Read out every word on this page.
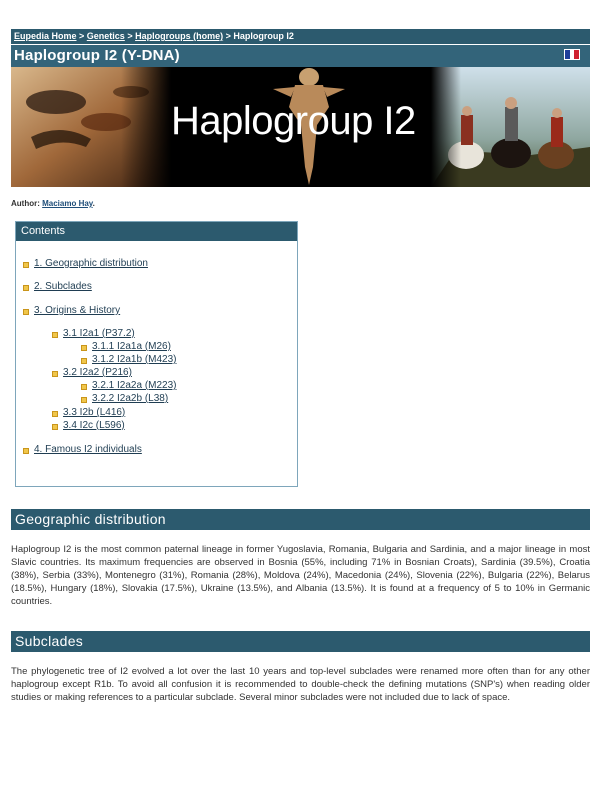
Eupedia Home > Genetics > Haplogroups (home) > Haplogroup I2
Haplogroup I2 (Y-DNA)
Haplogroup I2
Author: Maciamo Hay.
Contents
1. Geographic distribution
2. Subclades
3. Origins & History
3.1 I2a1 (P37.2)
3.1.1 I2a1a (M26)
3.1.2 I2a1b (M423)
3.2 I2a2 (P216)
3.2.1 I2a2a (M223)
3.2.2 I2a2b (L38)
3.3 I2b (L416)
3.4 I2c (L596)
4. Famous I2 individuals
Geographic distribution

Haplogroup I2 is the most common paternal lineage in former Yugoslavia, Romania, Bulgaria and Sardinia, and a major lineage in most Slavic countries. Its maximum frequencies are observed in Bosnia (55%, including 71% in Bosnian Croats), Sardinia (39.5%), Croatia (38%), Serbia (33%), Montenegro (31%), Romania (28%), Moldova (24%), Macedonia (24%), Slovenia (22%), Bulgaria (22%), Belarus (18.5%), Hungary (18%), Slovakia (17.5%), Ukraine (13.5%), and Albania (13.5%). It is found at a frequency of 5 to 10% in Germanic countries.

Subclades

The phylogenetic tree of I2 evolved a lot over the last 10 years and top-level subclades were renamed more often than for any other haplogroup except R1b. To avoid all confusion it is recommended to double-check the defining mutations (SNP's) when reading older studies or making references to a particular subclade. Several minor subclades were not included due to lack of space.
